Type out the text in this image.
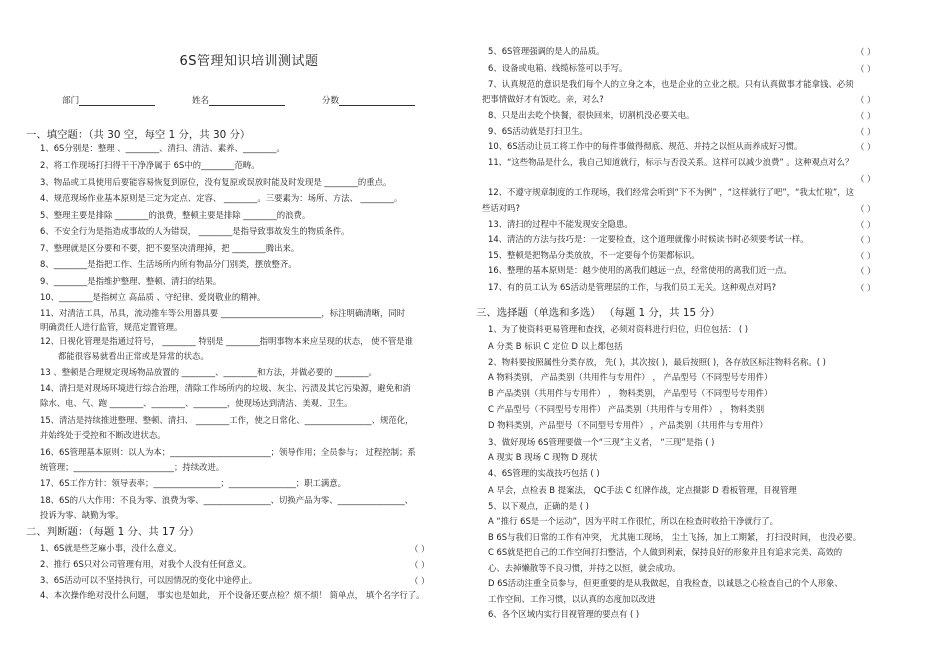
6S管理知识培训测试题
部门	姓名	分数
一、填空题：（共 30 空，每空 1 分，共 30 分）
1、6S分别是：整理 、________、清扫、清洁、素养、________。
2、将工作现场打扫得干干净净属于 6S中的________范畴。
3、物品或工具使用后要能容易恢复到原位，没有复原或误放时能及时发现是 ________的重点。
4、规范现场作业基本原则是三定为定点、定容、 ________。三要素为：场所、方法、 ________。
5、整理主要是排除 ________的浪费，整顿主要是排除 ________的浪费。
6、不安全行为是指造成事故的人为错误， ________是指导致事故发生的物质条件。
7、整理就是区分要和不要，把不要坚决清理掉，把 ________腾出来。
8、________是指把工作、生活场所内所有物品分门别类，摆放整齐。
9、________是指维护整理、整顿、清扫的结果。
10、________是指树立 高品质 、守纪律、爱岗敬业的精神。
11、对清洁工具，吊具，流动推车等公用器具要 ________________________，标注明确清晰，同时
明确责任人进行监管，规范定置管理。
12、日视化管理是指通过符号， ________ 特别是 ________指明事物本来应呈现的状态， 使不管是谁
都能很容易就看出正常或是异常的状态。
13 、整顿是合理规定现场物品放置的 ________、________和方法，并做必要的 ________。
14、清扫是对现场环境进行综合治理，清除工作场所内的垃圾、灰尘、污渍及其它污染源，避免和消
除水、电、气、跑 ________、________、________，使现场达到清洁、美观、卫生。
15、清洁是持续推进整理、整顿、清扫、 ________工作，使之日常化、________________、规范化，
并始终处于受控和不断改进状态。
16、6S管理基本原则：以人为本；________________________；领导作用；全员参与； 过程控制；系
统管理；________________________；持续改进。
17、6S工作方针：领导表率；________________；________________；职工满意。
18、6S的八大作用：不良为零、浪费为零、________________、切换产品为零、________________、
投诉为零、缺勤为零。
二、判断题：（每题 1 分、共 17 分）
1、6S就是些芝麻小事，没什么意义。	（ ）
2、推行 6S只对公司管理有用，对我个人没有任何意义。	（ ）
3、6S活动可以不坚持执行，可以因情况的变化中途停止。	（ ）
4、本次操作绝对没什么问题， 事实也是如此， 开个设备还要点检？烦不烦！ 简单点， 填个名字行了。
5、6S管理强调的是人的品质。	（ ）
6、设备或电箱、线缆标签可以手写。	（ ）
7、认真规范的意识是我们每个人的立身之本，也是企业的立业之根。只有认真做事才能拿钱、必须
把事情做好才有饭吃。亲，对么?	（ ）
8、只是出去吃个快餐，很快回来，切割机没必要关电。	（ ）
9、6S活动就是打扫卫生。	（ ）
10、6S活动让员工将工作中的每件事做得彻底、规范、并持之以恒从而养成好习惯。	（ ）
11、“这些物品是什么，我自己知道就行，标示与否没关系。这样可以减少浪费” 。这种观点对么？
（ ）
12、不遵守规章制度的工作现场，我们经常会听到“下不为例” ，“这样就行了吧”，“我太忙啦”，这
些话对吗?	（ ）
13、清扫的过程中不能发现安全隐患。	（ ）
14、清洁的方法与技巧是：一定要检查，这个道理就像小时候读书时必须要考试一样。	（ ）
15、整顿是把物品分类放放，不一定要每个仿架都标识。	（ ）
16、整理的基本原则是：越少使用的离我们越远一点，经常使用的离我们近一点。	（ ）
17、有的员工认为 6S活动是管理层的工作，与我们员工无关。这种观点对吗?	（ ）
三、选择题（单选和多选） （每题 1 分，共 15 分）
1、为了使资料更易管理和查找，必须对资料进行归位，归位包括： ( )
A 分类 B 标识 C 定位 D 以上都包括
2、物料要按照属性分类存放， 先( )，其次按( )，最后按照( )，各存放区标注物料名称。( )
A 物料类别， 产品类别（共用件与专用件） ， 产品型号（不同型号专用件）
B 产品类别（共用件与专用件） ， 物料类别， 产品型号（不同型号专用件）
C 产品型号（不同型号专用件） 产品类别（共用件与专用件） ， 物料类别
D 物料类别，产品型号（不同型号专用件） ，产品类别（共用件与专用件）
3、做好现场 6S管理要做一个“三现”主义者， “三现”是指 ( )
A 现实 B 现场 C 现物 D 现状
4、6S管理的实战技巧包括 ( )
A 早会，点检表 B 提案法， QC手法 C 红牌作战，定点摄影 D 看板管理，目视管理
5、以下观点，正确的是 ( )
A “推行 6S是一个运动”，因为平时工作很忙，所以在检查时收拾干净就行了。
B 6S与我们日常的工作有冲突， 尤其施工现场， 尘土飞扬，加上工期紧， 打扫没时间， 也没必要。
C 6S就是把自己的工作空间打扫整洁，个人做到利索，保持良好的形象并且有追求完美、高效的
心、去掉懒散等不良习惯，并持之以恒，就会成功。
D 6S活动注重全员参与，但更重要的是从我做起，自我检查，以诚恳之心检查自己的个人形象、
工作空间、工作习惯，以认真的态度加以改进
6、各个区域内实行目视管理的要点有 ( )
